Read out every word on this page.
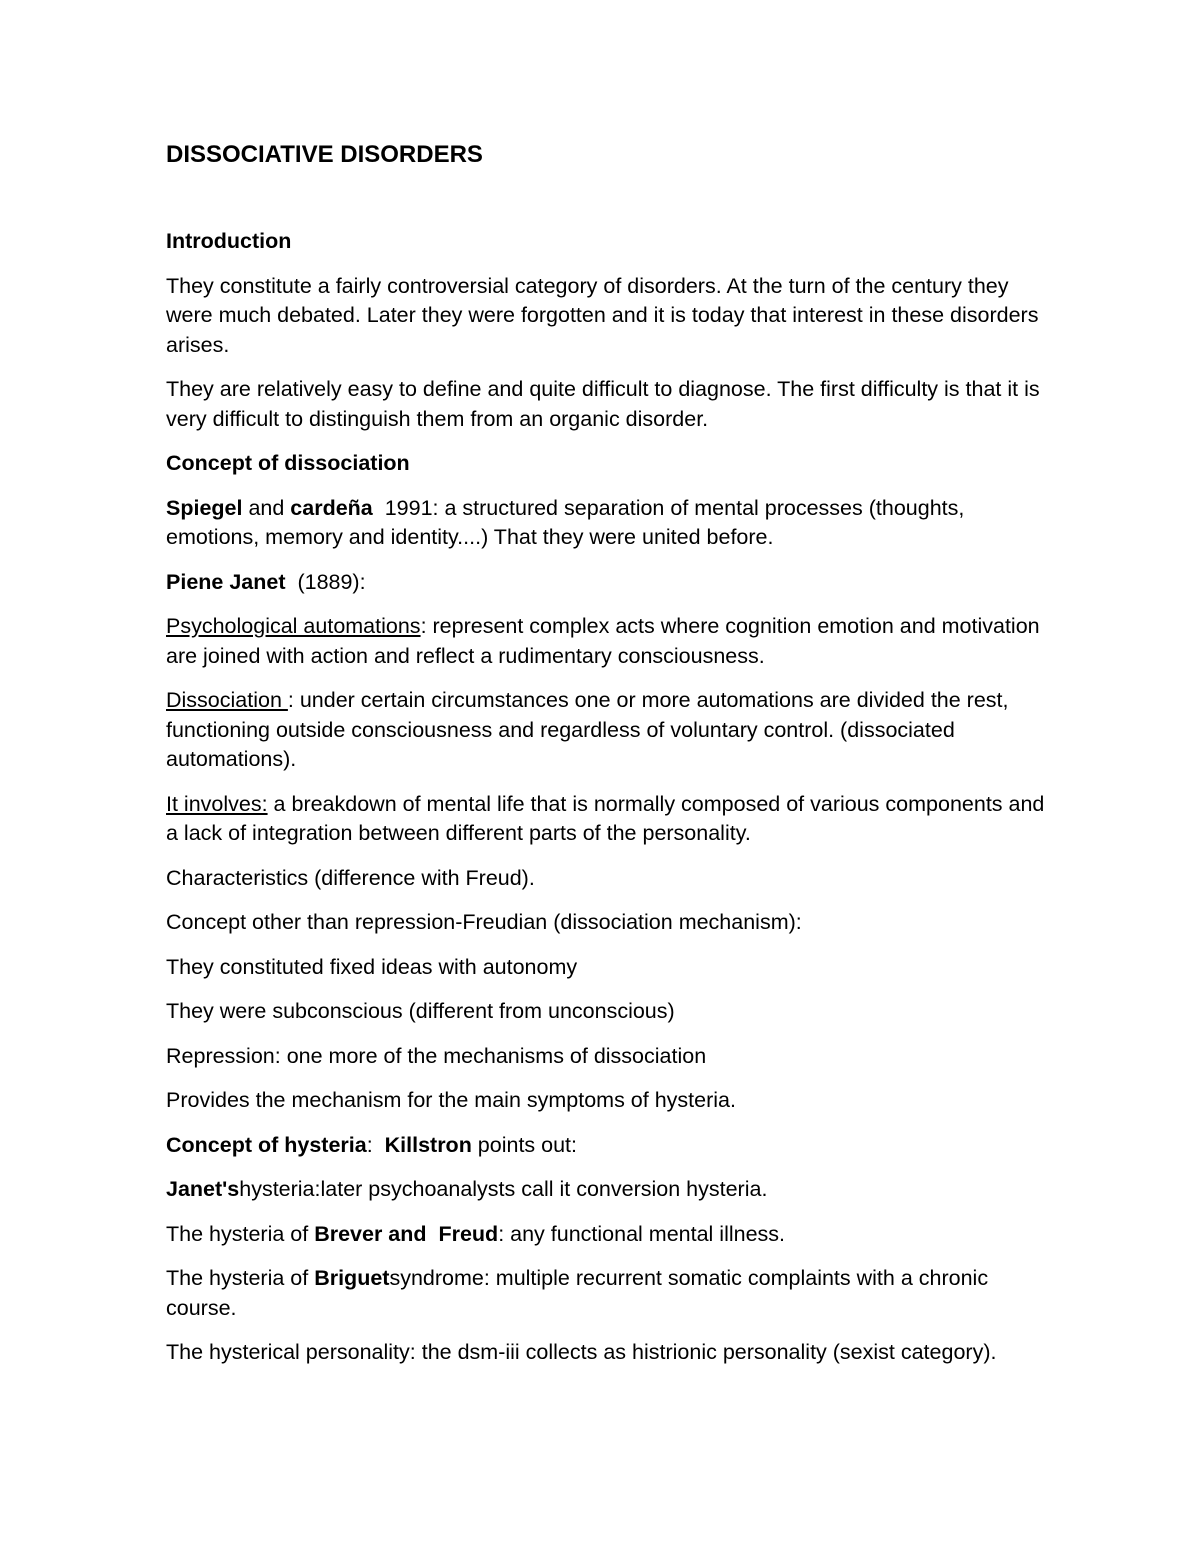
DISSOCIATIVE DISORDERS
Introduction

They constitute a fairly controversial category of disorders. At the turn of the century they were much debated. Later they were forgotten and it is today that interest in these disorders arises.

They are relatively easy to define and quite difficult to diagnose. The first difficulty is that it is very difficult to distinguish them from an organic disorder.

Concept of dissociation

Spiegel and cardeña  1991: a structured separation of mental processes (thoughts, emotions, memory and identity....) That they were united before.

Piene Janet  (1889):

Psychological automations: represent complex acts where cognition emotion and motivation are joined with action and reflect a rudimentary consciousness.

Dissociation : under certain circumstances one or more automations are divided the rest, functioning outside consciousness and regardless of voluntary control. (dissociated automations).

It involves: a breakdown of mental life that is normally composed of various components and a lack of integration between different parts of the personality.

Characteristics (difference with Freud).

Concept other than repression-Freudian (dissociation mechanism):

They constituted fixed ideas with autonomy

They were subconscious (different from unconscious)

Repression: one more of the mechanisms of dissociation

Provides the mechanism for the main symptoms of hysteria.

Concept of hysteria:  Killstron points out:

Janet'shysteria:later psychoanalysts call it conversion hysteria.

The hysteria of Brever and  Freud: any functional mental illness.

The hysteria of Briguetsyndrome: multiple recurrent somatic complaints with a chronic course.

The hysterical personality: the dsm-iii collects as histrionic personality (sexist category).
